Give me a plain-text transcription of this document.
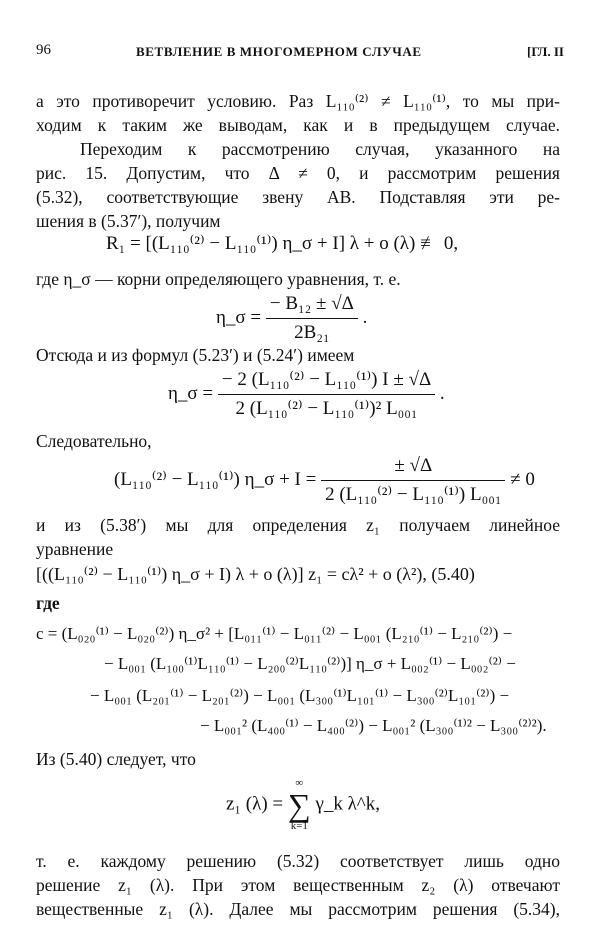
96	ВЕТВЛЕНИЕ В МНОГОМЕРНОМ СЛУЧАЕ	[ГЛ. II
а это противоречит условию. Раз L₁₁₀⁽²⁾ ≠ L₁₁₀⁽¹⁾, то мы при-
ходим к таким же выводам, как и в предыдущем случае.
Переходим к рассмотрению случая, указанного на
рис. 15. Допустим, что Δ ≠ 0, и рассмотрим решения
(5.32), соответствующие звену AB. Подставляя эти ре-
шения в (5.37′), получим
R₁ = [(L₁₁₀⁽²⁾ − L₁₁₀⁽¹⁾) η_σ + I] λ + o (λ) ≢ 0,
где η_σ — корни определяющего уравнения, т. е.
η_σ = $\frac{\text{− B₁₂ ± √Δ}}{\text{2B₂₁}}$ .
Отсюда и из формул (5.23′) и (5.24′) имеем
η_σ = $\frac{\text{− 2 (L₁₁₀⁽²⁾ − L₁₁₀⁽¹⁾) I ± √Δ}}{\text{2 (L₁₁₀⁽²⁾ − L₁₁₀⁽¹⁾)² L₀₀₁}}$ .
Следовательно,
(L₁₁₀⁽²⁾ − L₁₁₀⁽¹⁾) η_σ + $I = \frac{\pm √\Delta}{\text{2 (L₁₁₀⁽²⁾ − L₁₁₀⁽¹⁾) L₀₀₁}} \ne 0$
и из (5.38′) мы для определения z₁ получаем линейное
уравнение
[((L₁₁₀⁽²⁾ − L₁₁₀⁽¹⁾) η_σ + I) λ + o (λ)] z₁ = cλ² + o (λ²), (5.40)
где
c = (L₀₂₀⁽¹⁾ − L₀₂₀⁽²⁾) η_σ² + [L₀₁₁⁽¹⁾ − L₀₁₁⁽²⁾ − L₀₀₁ (L₂₁₀⁽¹⁾ − L₂₁₀⁽²⁾) −
− L₀₀₁ (L₁₀₀⁽¹⁾L₁₁₀⁽¹⁾ − L₂₀₀⁽²⁾L₁₁₀⁽²⁾)] η_σ + L₀₀₂⁽¹⁾ − L₀₀₂⁽²⁾ −
− L₀₀₁ (L₂₀₁⁽¹⁾ − L₂₀₁⁽²⁾) − L₀₀₁ (L₃₀₀⁽¹⁾L₁₀₁⁽¹⁾ − L₃₀₀⁽²⁾L₁₀₁⁽²⁾) −
− L₀₀₁² (L₄₀₀⁽¹⁾ − L₄₀₀⁽²⁾) − L₀₀₁² (L₃₀₀⁽¹⁾² − L₃₀₀⁽²⁾²).
Из (5.40) следует, что
z₁ (λ) =
∞
∑
k=1
γ_k λ^k,
т. е. каждому решению (5.32) соответствует лишь одно
решение z₁ (λ). При этом вещественным z₂ (λ) отвечают
вещественные z₁ (λ). Далее мы рассмотрим решения (5.34),
